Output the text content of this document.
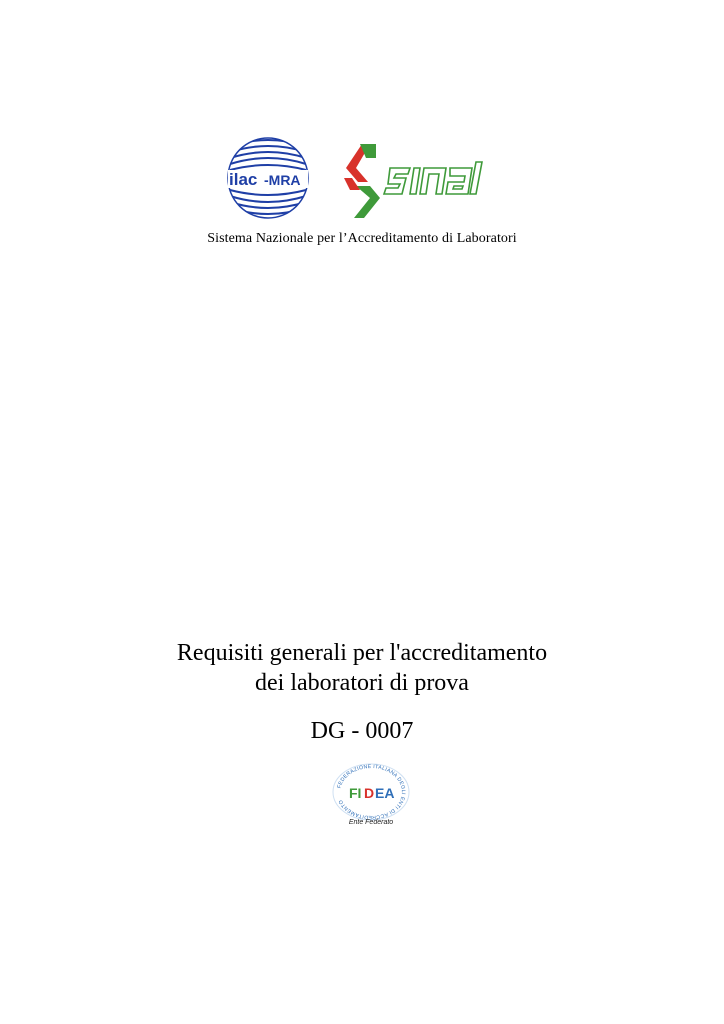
ilac -MRA
Sistema Nazionale per l’Accreditamento di Laboratori
Requisiti generali per l'accreditamento
dei laboratori di prova
DG - 0007
FEDERAZIONE ITALIANA DEGLI ENTI DI ACCREDITAMENTO
FI D EA
Ente Federato
